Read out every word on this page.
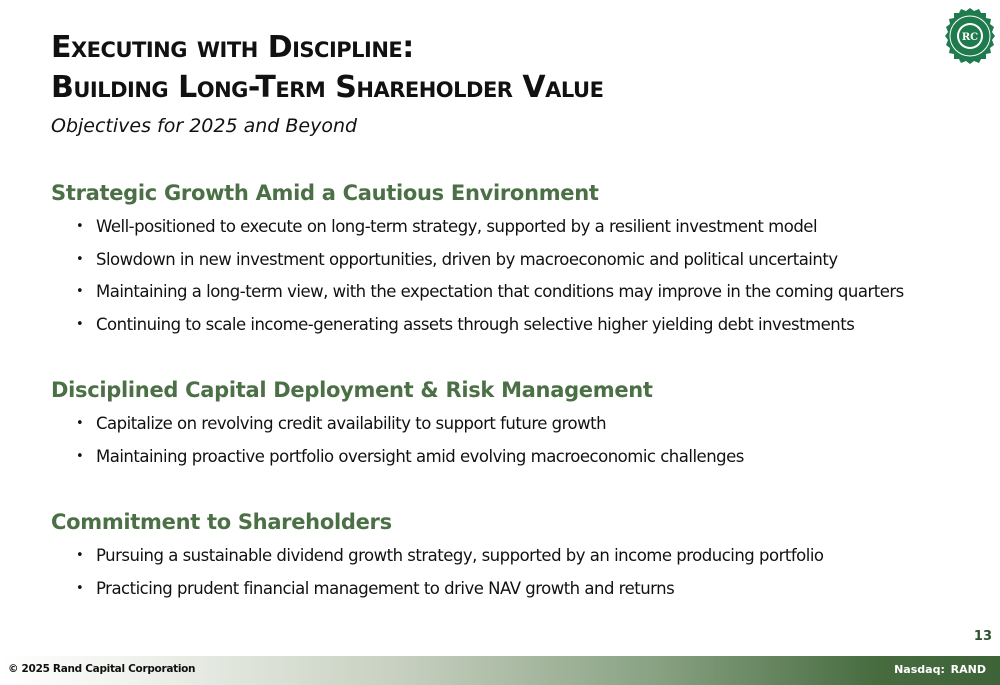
Executing with Discipline:
Building Long-Term Shareholder Value

Objectives for 2025 and Beyond

RC
Strategic Growth Amid a Cautious Environment
• Well-positioned to execute on long-term strategy, supported by a resilient investment model
• Slowdown in new investment opportunities, driven by macroeconomic and political uncertainty
• Maintaining a long-term view, with the expectation that conditions may improve in the coming quarters
• Continuing to scale income-generating assets through selective higher yielding debt investments
Disciplined Capital Deployment & Risk Management
• Capitalize on revolving credit availability to support future growth
• Maintaining proactive portfolio oversight amid evolving macroeconomic challenges
Commitment to Shareholders
• Pursuing a sustainable dividend growth strategy, supported by an income producing portfolio
• Practicing prudent financial management to drive NAV growth and returns
13
© 2025 Rand Capital Corporation	Nasdaq: RAND
